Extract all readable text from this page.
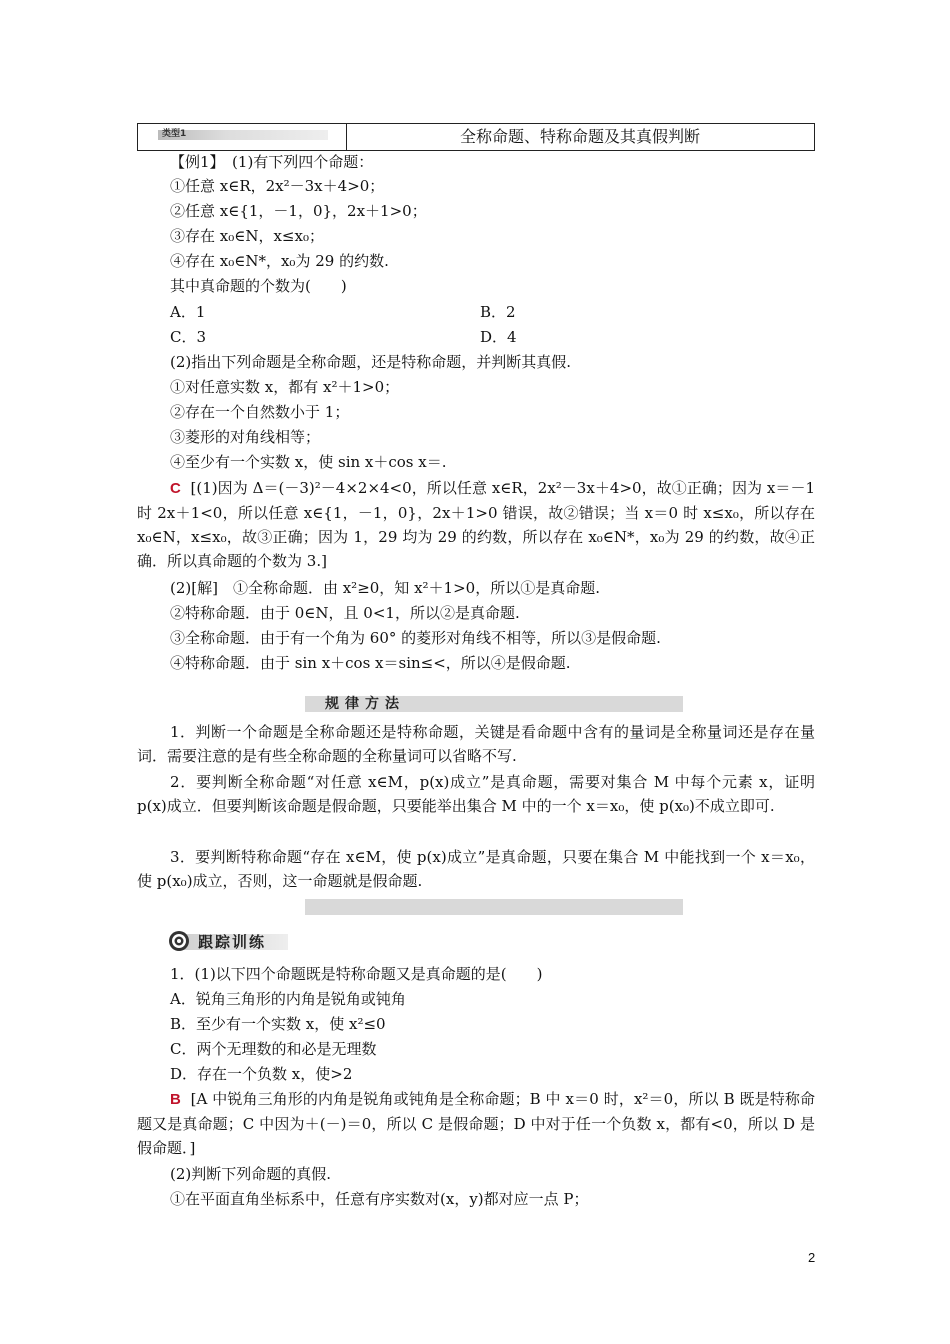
类型1	全称命题、特称命题及其真假判断
【例1】　(1)有下列四个命题：
①任意 x∈R，2x²－3x＋4>0；
②任意 x∈{1，－1，0}，2x＋1>0；
③存在 x₀∈N，x≤x₀；
④存在 x₀∈N*，x₀为 29 的约数.
其中真命题的个数为(　　)
A．1	B．2
C．3	D．4
(2)指出下列命题是全称命题，还是特称命题，并判断其真假.
①对任意实数 x，都有 x²＋1>0；
②存在一个自然数小于 1；
③菱形的对角线相等；
④至少有一个实数 x，使 sin x＋cos x＝.
C [(1)因为 Δ＝(－3)²－4×2×4<0，所以任意 x∈R，2x²－3x＋4>0，故①正确；因为 x＝－1时 2x＋1<0，所以任意 x∈{1，－1，0}，2x＋1>0 错误，故②错误；当 x＝0 时 x≤x₀，所以存在 x₀∈N，x≤x₀，故③正确；因为 1，29 均为 29 的约数，所以存在 x₀∈N*，x₀为 29 的约数，故④正确．所以真命题的个数为 3.]
(2)[解]　①全称命题．由 x²≥0，知 x²＋1>0，所以①是真命题.
②特称命题．由于 0∈N，且 0<1，所以②是真命题.
③全称命题．由于有一个角为 60° 的菱形对角线不相等，所以③是假命题.
④特称命题．由于 sin x＋cos x＝sin≤<，所以④是假命题.
规律方法
1．判断一个命题是全称命题还是特称命题，关键是看命题中含有的量词是全称量词还是存在量词．需要注意的是有些全称命题的全称量词可以省略不写.
2．要判断全称命题“对任意 x∈M，p(x)成立”是真命题，需要对集合 M 中每个元素 x，证明 p(x)成立．但要判断该命题是假命题，只要能举出集合 M 中的一个 x＝x₀，使 p(x₀)不成立即可.
3．要判断特称命题“存在 x∈M，使 p(x)成立”是真命题，只要在集合 M 中能找到一个 x＝x₀，使 p(x₀)成立，否则，这一命题就是假命题.
跟踪训练
1．(1)以下四个命题既是特称命题又是真命题的是(　　)
A．锐角三角形的内角是锐角或钝角
B．至少有一个实数 x，使 x²≤0
C．两个无理数的和必是无理数
D．存在一个负数 x，使>2
B [A 中锐角三角形的内角是锐角或钝角是全称命题；B 中 x＝0 时，x²＝0，所以 B 既是特称命题又是真命题；C 中因为＋(－)＝0，所以 C 是假命题；D 中对于任一个负数 x，都有<0，所以 D 是假命题．]
(2)判断下列命题的真假.
①在平面直角坐标系中，任意有序实数对(x，y)都对应一点 P；
2
